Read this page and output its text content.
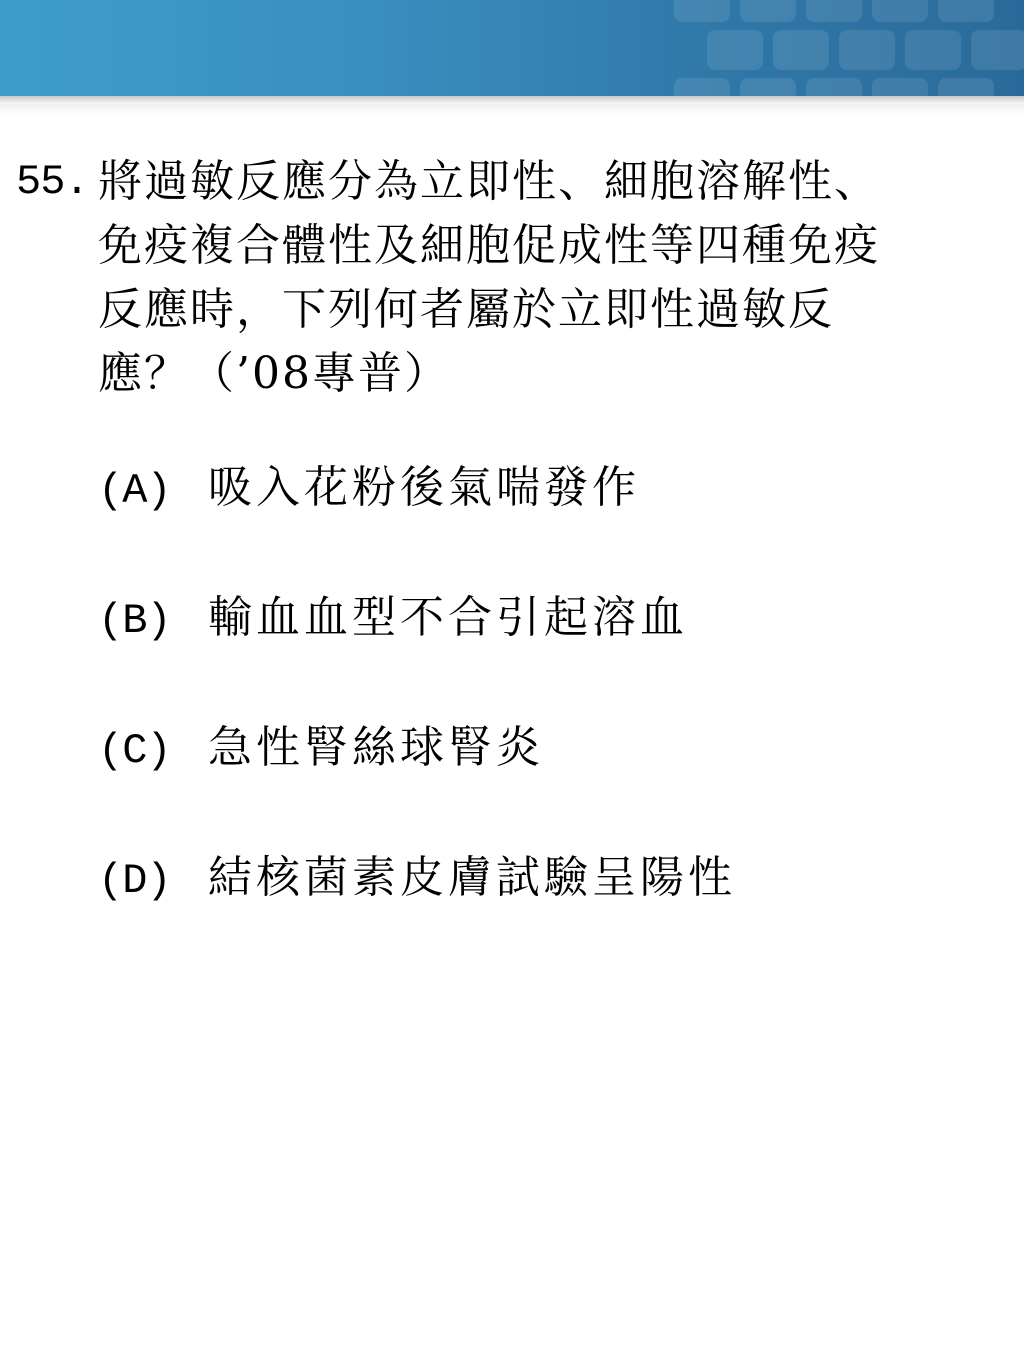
55. 將過敏反應分為立即性、細胞溶解性、
免疫複合體性及細胞促成性等四種免疫
反應時，下列何者屬於立即性過敏反
應？（’08專普）
(A) 吸入花粉後氣喘發作
(B) 輸血血型不合引起溶血
(C) 急性腎絲球腎炎
(D) 結核菌素皮膚試驗呈陽性
